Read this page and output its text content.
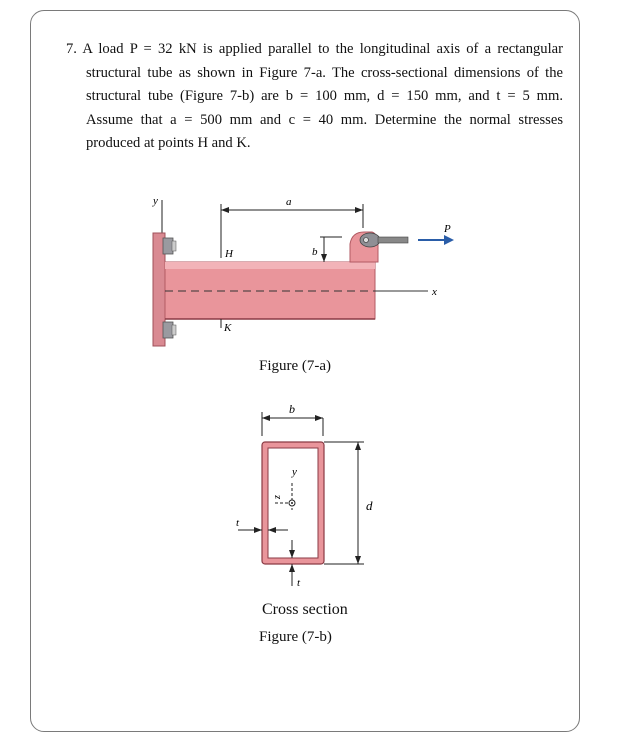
7. A load P = 32 kN is applied parallel to the longitudinal axis of a rectangular
structural tube as shown in Figure 7-a. The cross-sectional dimensions of the
structural tube (Figure 7-b) are b = 100 mm, d = 150 mm, and t = 5 mm.
Assume that a = 500 mm and c = 40 mm. Determine the normal stresses
produced at points H and K.
y
P
x
a
H	b
K
Figure (7-a)
b
y
z
t
t
d
Cross section
Figure (7-b)
